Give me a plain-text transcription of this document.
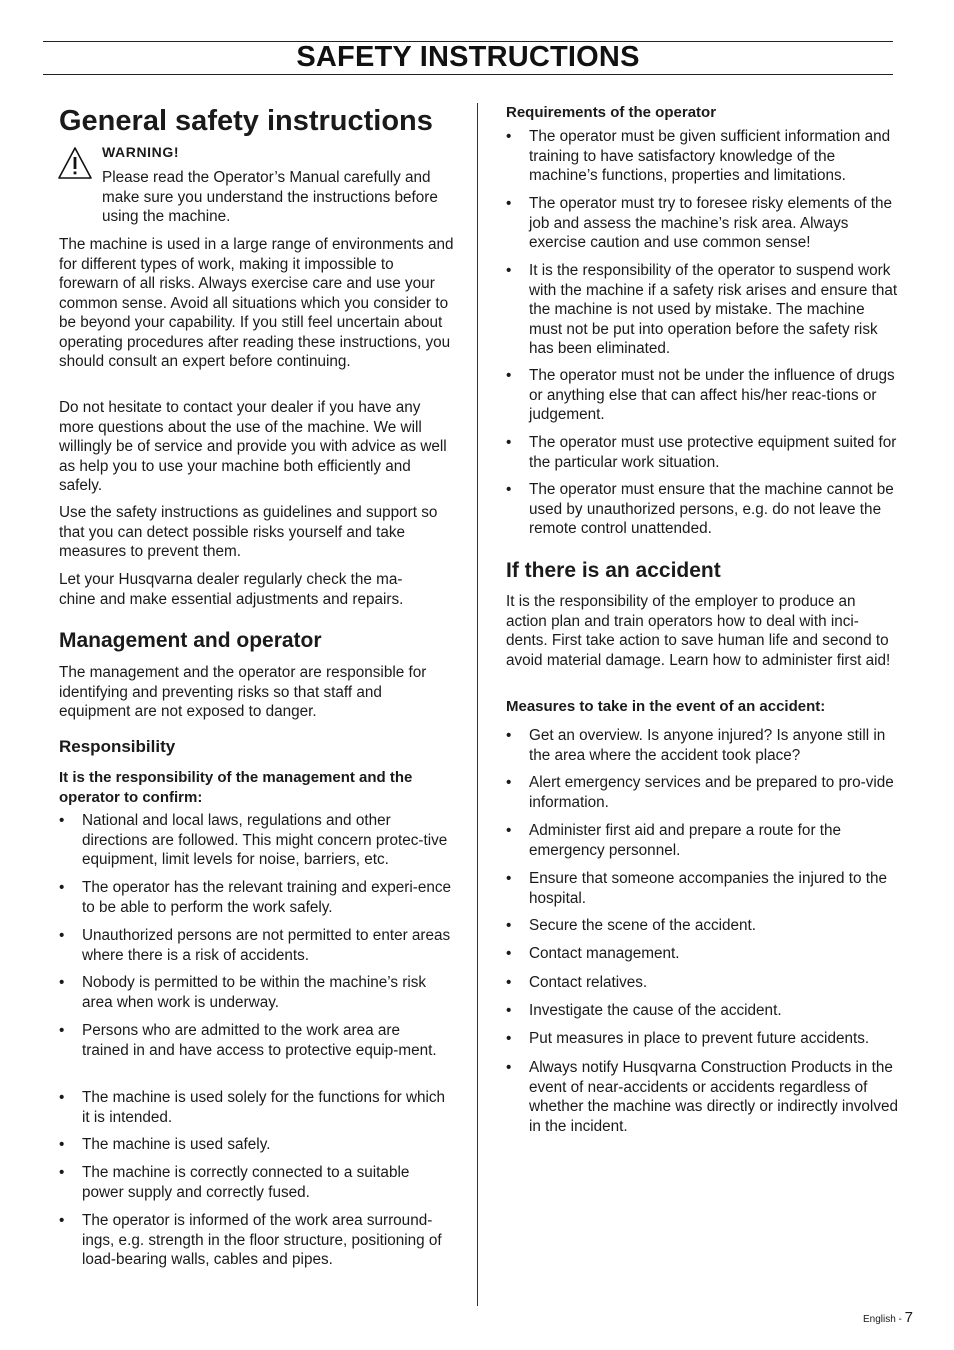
SAFETY INSTRUCTIONS
General safety instructions
WARNING!
Please read the Operator’s Manual carefully and make sure you understand the instructions before using the machine.
The machine is used in a large range of environments and for different types of work, making it impossible to forewarn of all risks. Always exercise care and use your common sense. Avoid all situations which you consider to be beyond your capability. If you still feel uncertain about operating procedures after reading these instructions, you should consult an expert before continuing.
Do not hesitate to contact your dealer if you have any more questions about the use of the machine. We will willingly be of service and provide you with advice as well as help you to use your machine both efficiently and safely.
Use the safety instructions as guidelines and support so that you can detect possible risks yourself and take measures to prevent them.
Let your Husqvarna dealer regularly check the ma-chine and make essential adjustments and repairs.
Management and operator
The management and the operator are responsible for identifying and preventing risks so that staff and equipment are not exposed to danger.
Responsibility
It is the responsibility of the management and the operator to confirm:
• National and local laws, regulations and other directions are followed. This might concern protec-tive equipment, limit levels for noise, barriers, etc.
• The operator has the relevant training and experi-ence to be able to perform the work safely.
• Unauthorized persons are not permitted to enter areas where there is a risk of accidents.
• Nobody is permitted to be within the machine’s risk area when work is underway.
• Persons who are admitted to the work area are trained in and have access to protective equip-ment.
• The machine is used solely for the functions for which it is intended.
• The machine is used safely.
• The machine is correctly connected to a suitable power supply and correctly fused.
• The operator is informed of the work area surround-ings, e.g. strength in the floor structure, positioning of load-bearing walls, cables and pipes.
Requirements of the operator
• The operator must be given sufficient information and training to have satisfactory knowledge of the machine’s functions, properties and limitations.
• The operator must try to foresee risky elements of the job and assess the machine’s risk area. Always exercise caution and use common sense!
• It is the responsibility of the operator to suspend work with the machine if a safety risk arises and ensure that the machine is not used by mistake. The machine must not be put into operation before the safety risk has been eliminated.
• The operator must not be under the influence of drugs or anything else that can affect his/her reac-tions or judgement.
• The operator must use protective equipment suited for the particular work situation.
• The operator must ensure that the machine cannot be used by unauthorized persons, e.g. do not leave the remote control unattended.
If there is an accident
It is the responsibility of the employer to produce an action plan and train operators how to deal with inci-dents. First take action to save human life and second to avoid material damage. Learn how to administer first aid!
Measures to take in the event of an accident:
• Get an overview. Is anyone injured? Is anyone still in the area where the accident took place?
• Alert emergency services and be prepared to pro-vide information.
• Administer first aid and prepare a route for the emergency personnel.
• Ensure that someone accompanies the injured to the hospital.
• Secure the scene of the accident.
• Contact management.
• Contact relatives.
• Investigate the cause of the accident.
• Put measures in place to prevent future accidents.
• Always notify Husqvarna Construction Products in the event of near-accidents or accidents regardless of whether the machine was directly or indirectly involved in the incident.
English - 7
